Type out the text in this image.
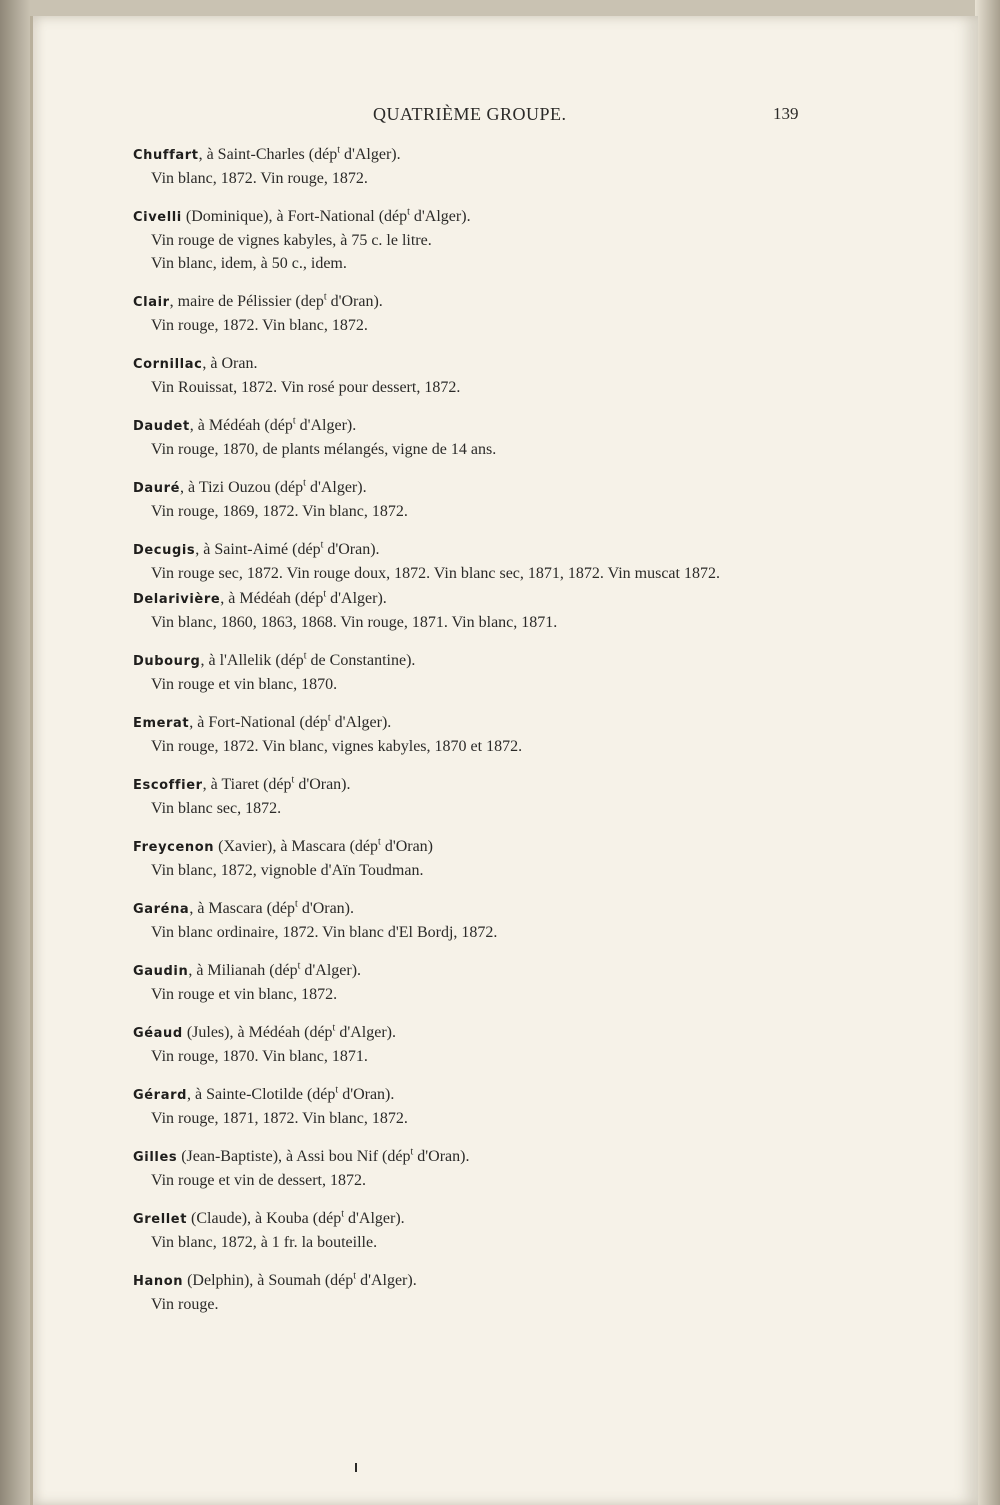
QUATRIÈME GROUPE.	139
Chuffart, à Saint-Charles (dép$^t$ d'Alger).
Vin blanc, 1872. Vin rouge, 1872.
Civelli (Dominique), à Fort-National (dép$^t$ d'Alger).
Vin rouge de vignes kabyles, à 75 c. le litre.
Vin blanc, idem, à 50 c., idem.
Clair, maire de Pélissier (dep$^t$ d'Oran).
Vin rouge, 1872. Vin blanc, 1872.
Cornillac, à Oran.
Vin Rouissat, 1872. Vin rosé pour dessert, 1872.
Daudet, à Médéah (dép$^t$ d'Alger).
Vin rouge, 1870, de plants mélangés, vigne de 14 ans.
Dauré, à Tizi Ouzou (dép$^t$ d'Alger).
Vin rouge, 1869, 1872. Vin blanc, 1872.
Decugis, à Saint-Aimé (dép$^t$ d'Oran).
Vin rouge sec, 1872. Vin rouge doux, 1872. Vin blanc sec, 1871, 1872. Vin muscat 1872.
Delarivière, à Médéah (dép$^t$ d'Alger).
Vin blanc, 1860, 1863, 1868. Vin rouge, 1871. Vin blanc, 1871.
Dubourg, à l'Allelik (dép$^t$ de Constantine).
Vin rouge et vin blanc, 1870.
Emerat, à Fort-National (dép$^t$ d'Alger).
Vin rouge, 1872. Vin blanc, vignes kabyles, 1870 et 1872.
Escoffier, à Tiaret (dép$^t$ d'Oran).
Vin blanc sec, 1872.
Freycenon (Xavier), à Mascara (dép$^t$ d'Oran)
Vin blanc, 1872, vignoble d'Aïn Toudman.
Garéna, à Mascara (dép$^t$ d'Oran).
Vin blanc ordinaire, 1872. Vin blanc d'El Bordj, 1872.
Gaudin, à Milianah (dép$^t$ d'Alger).
Vin rouge et vin blanc, 1872.
Géaud (Jules), à Médéah (dép$^t$ d'Alger).
Vin rouge, 1870. Vin blanc, 1871.
Gérard, à Sainte-Clotilde (dép$^t$ d'Oran).
Vin rouge, 1871, 1872. Vin blanc, 1872.
Gilles (Jean-Baptiste), à Assi bou Nif (dép$^t$ d'Oran).
Vin rouge et vin de dessert, 1872.
Grellet (Claude), à Kouba (dép$^t$ d'Alger).
Vin blanc, 1872, à 1 fr. la bouteille.
Hanon (Delphin), à Soumah (dép$^t$ d'Alger).
Vin rouge.
